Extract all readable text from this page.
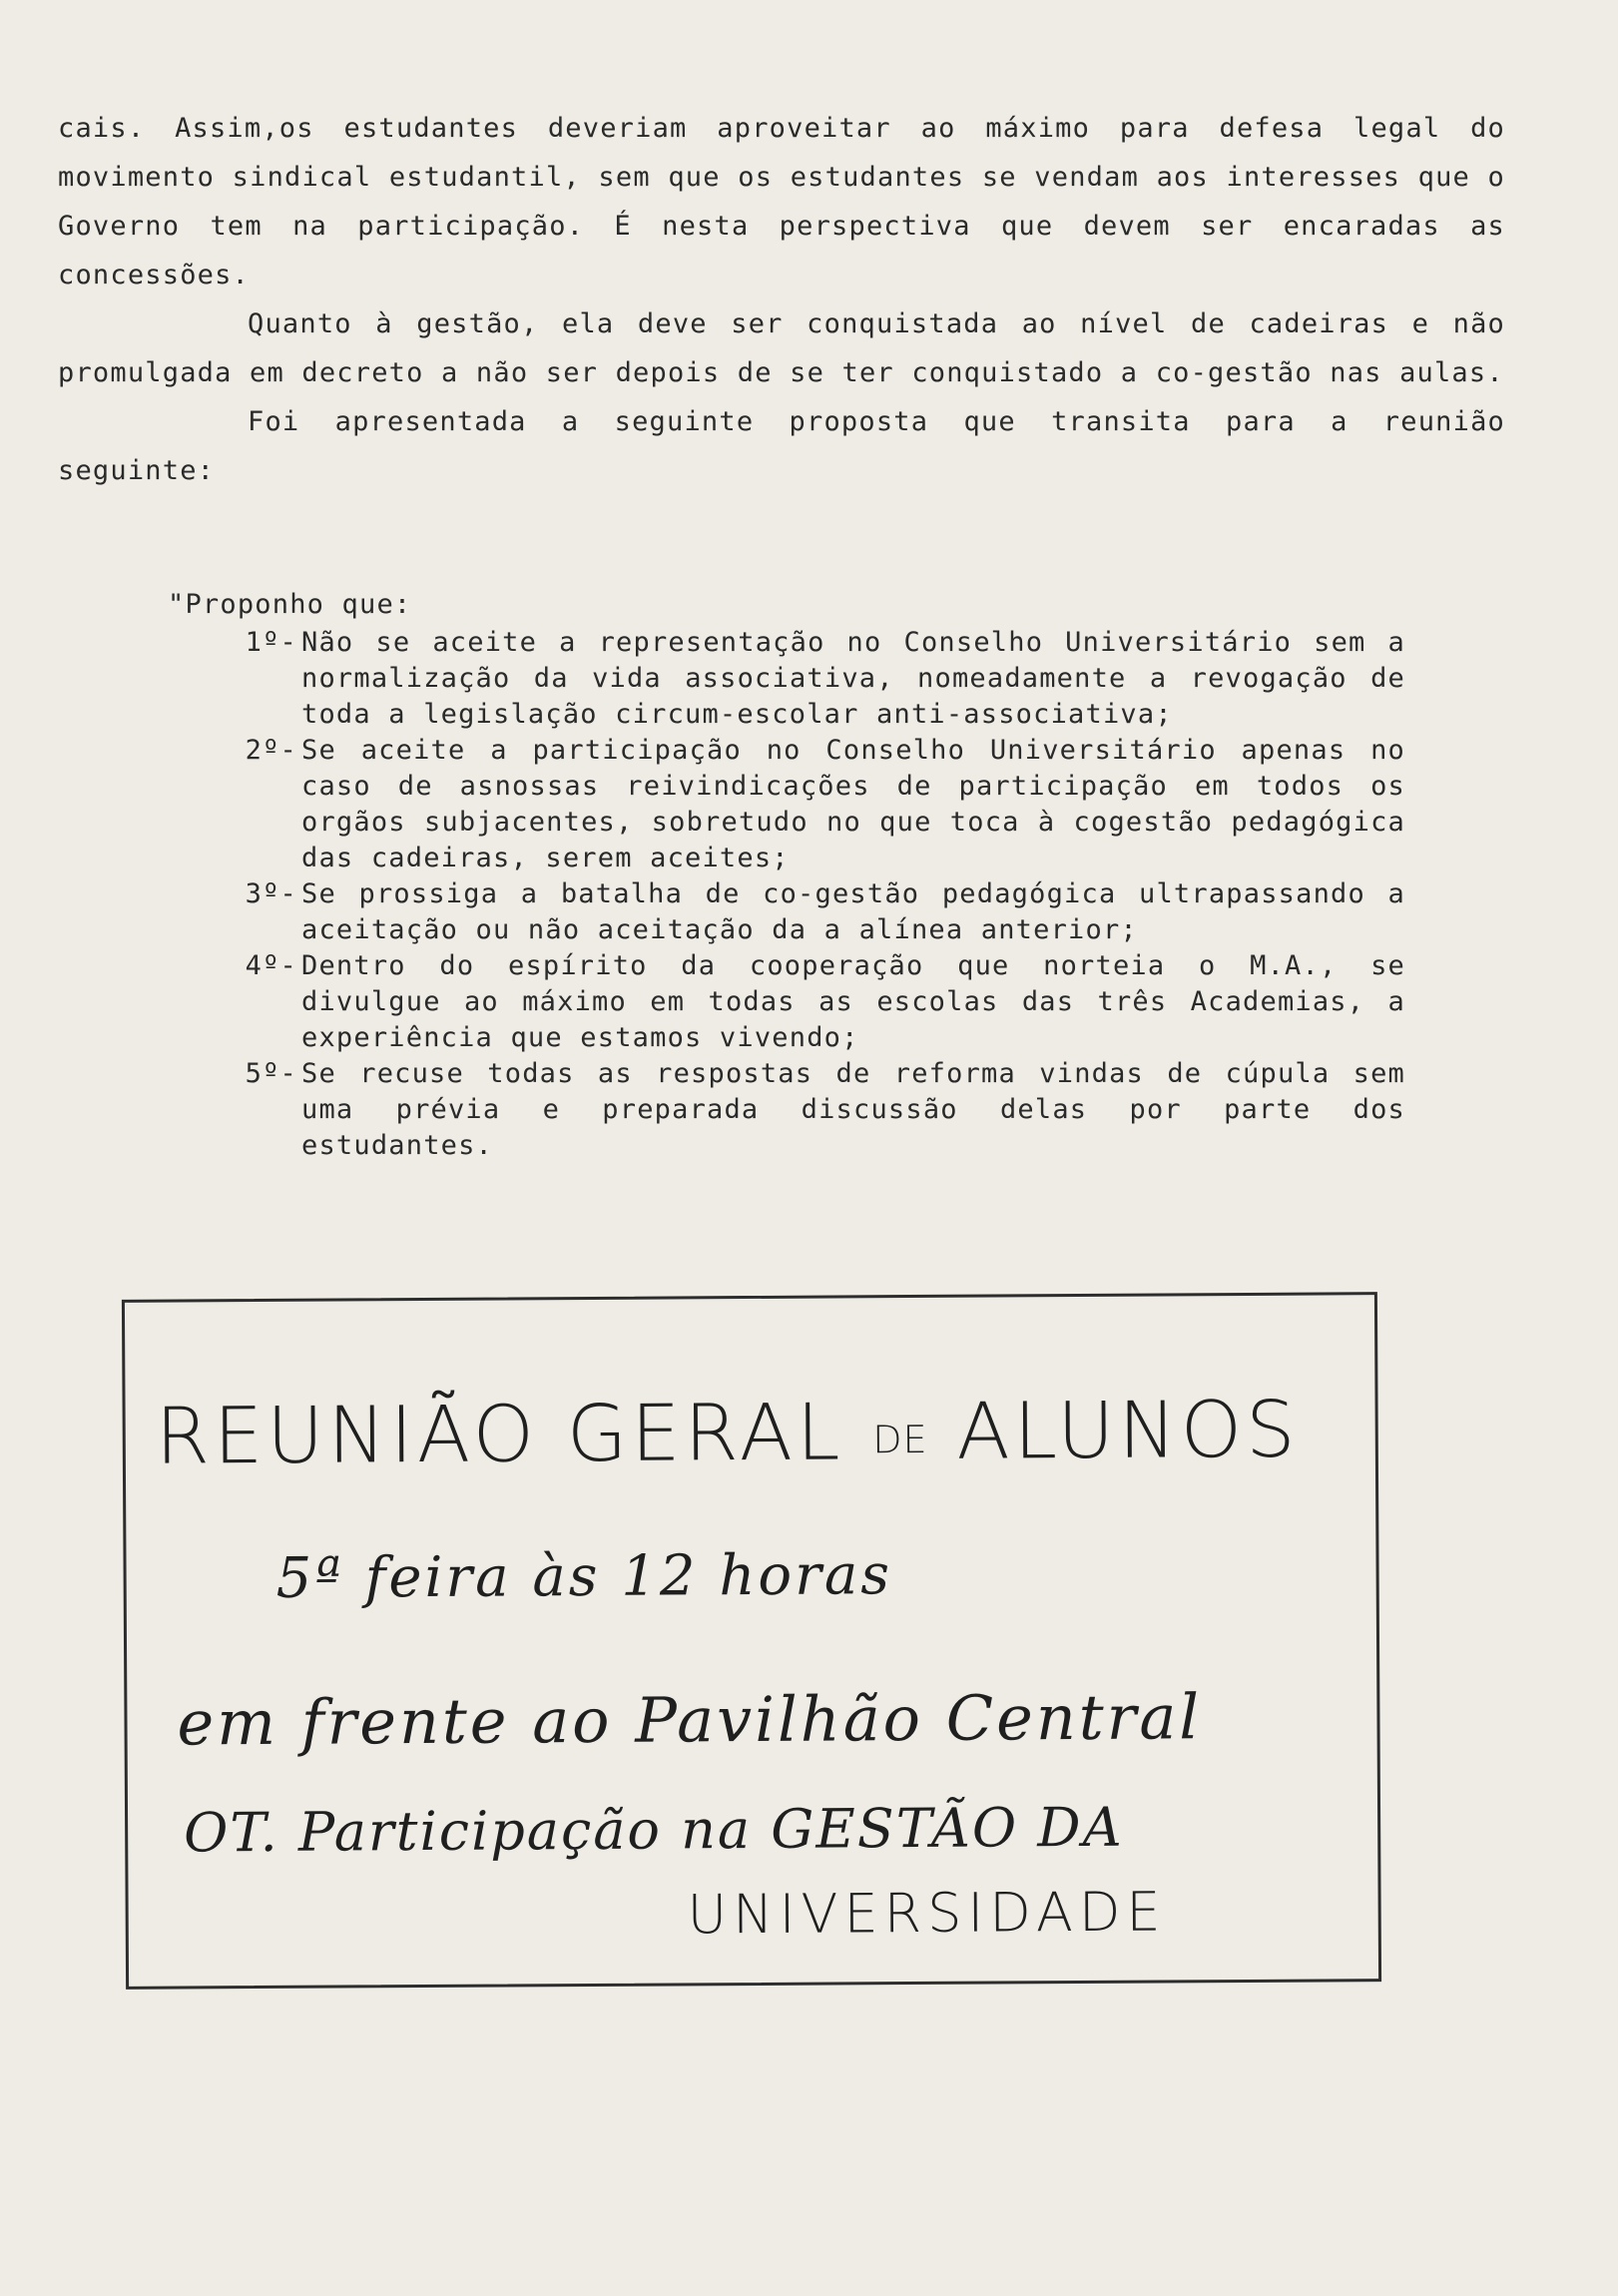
cais. Assim,os estudantes deveriam aproveitar ao máximo para defesa legal do movimento sindical estudantil, sem que os estudantes se vendam aos interesses que o Governo tem na participação. É nesta perspectiva que devem ser encaradas as concessões.

Quanto à gestão, ela deve ser conquistada ao nível de cadeiras e não promulgada em decreto a não ser depois de se ter conquistado a co-gestão nas aulas.

Foi apresentada a seguinte proposta que transita para a reunião seguinte:

"Proponho que:

1º- Não se aceite a representação no Conselho Universitário sem a normalização da vida associativa, nomeadamente a revogação de toda a legislação circum-escolar anti-associativa;
2º- Se aceite a participação no Conselho Universitário apenas no caso de asnossas reivindicações de participação em todos os orgãos subjacentes, sobretudo no que toca à cogestão pedagógica das cadeiras, serem aceites;
3º- Se prossiga a batalha de co-gestão pedagógica ultrapassando a aceitação ou não aceitação da a alínea anterior;
4º- Dentro do espírito da cooperação que norteia o M.A., se divulgue ao máximo em todas as escolas das três Academias, a experiência que estamos vivendo;
5º- Se recuse todas as respostas de reforma vindas de cúpula sem uma prévia e preparada discussão delas por parte dos estudantes.
REUNIÃO GERAL DE ALUNOS
5ª feira às 12 horas
em frente ao Pavilhão Central
OT. Participação na GESTÃO DA
UNIVERSIDADE
